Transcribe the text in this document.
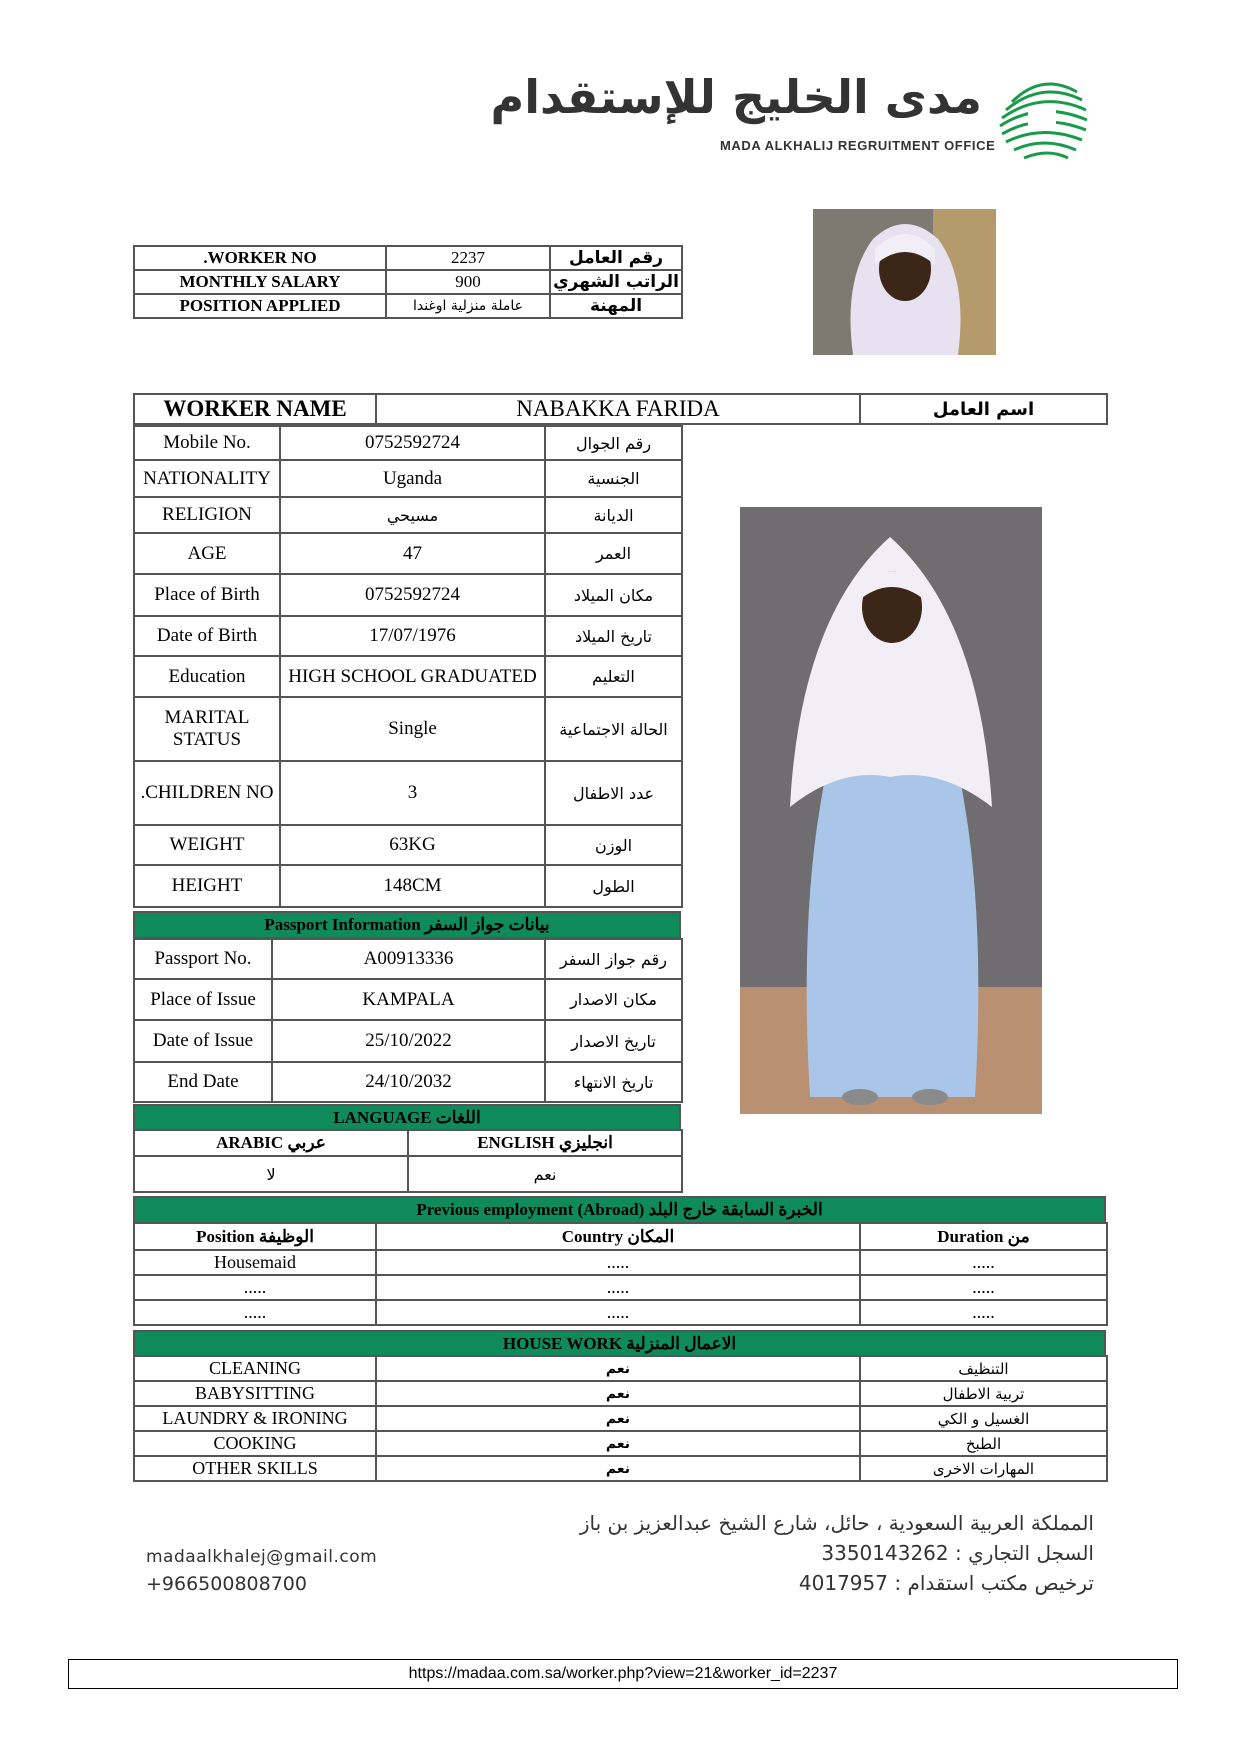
مدى الخليج للإستقدام
MADA ALKHALIJ REGRUITMENT OFFICE
.WORKER NO	2237	رقم العامل
MONTHLY SALARY	900	الراتب الشهري
POSITION APPLIED	عاملة منزلية اوغندا	المهنة
WORKER NAME	NABAKKA FARIDA	اسم العامل
Mobile No.	0752592724	رقم الجوال
NATIONALITY	Uganda	الجنسية
RELIGION	مسيحي	الديانة
AGE	47	العمر
Place of Birth	0752592724	مكان الميلاد
Date of Birth	17/07/1976	تاريخ الميلاد
Education	HIGH SCHOOL GRADUATED	التعليم
MARITAL STATUS	Single	الحالة الاجتماعية
.CHILDREN NO	3	عدد الاطفال
WEIGHT	63KG	الوزن
HEIGHT	148CM	الطول
Passport Information بيانات جواز السفر
Passport No.	A00913336	رقم جواز السفر
Place of Issue	KAMPALA	مكان الاصدار
Date of Issue	25/10/2022	تاريخ الاصدار
End Date	24/10/2032	تاريخ الانتهاء
LANGUAGE اللغات
ARABIC عربي	ENGLISH انجليزي
لا	نعم
Previous employment (Abroad) الخبرة السابقة خارج البلد
Position الوظيفة	Country المكان	Duration من
Housemaid	.....	.....
.....	.....	.....
.....	.....	.....
HOUSE WORK الاعمال المنزلية
CLEANING	نعم	التنظيف
BABYSITTING	نعم	تربية الاطفال
LAUNDRY & IRONING	نعم	الغسيل و الكي
COOKING	نعم	الطبخ
OTHER SKILLS	نعم	المهارات الاخرى
madaalkhalej@gmail.com
+966500808700
المملكة العربية السعودية ، حائل، شارع الشيخ عبدالعزيز بن باز
السجل التجاري : 3350143262
ترخيص مكتب استقدام : 4017957
https://madaa.com.sa/worker.php?view=21&worker_id=2237
